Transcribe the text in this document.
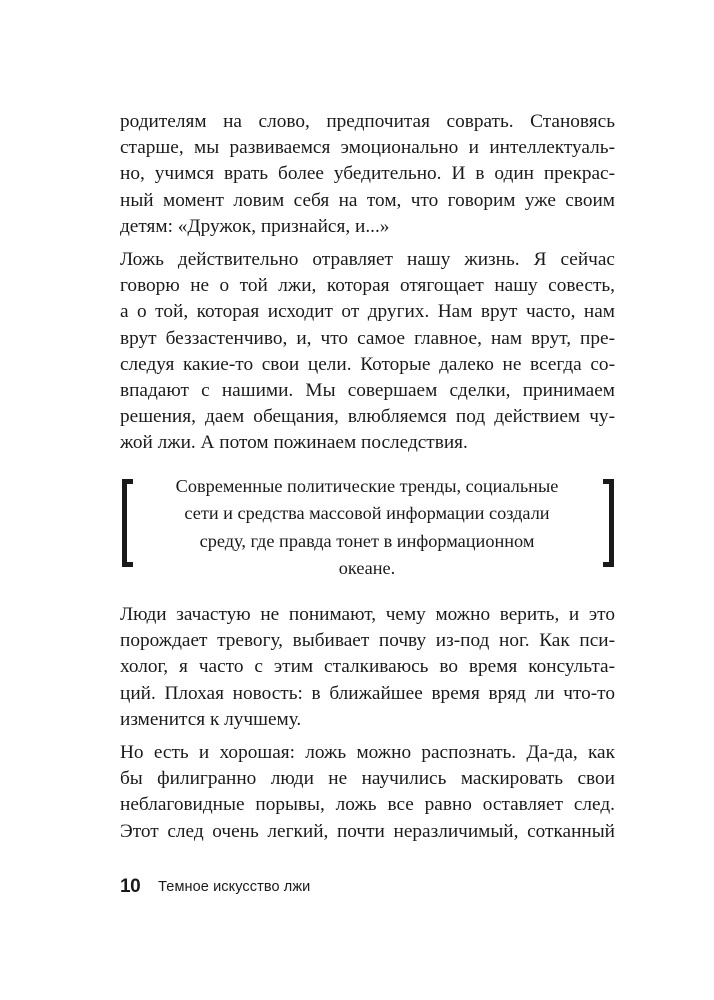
родителям на слово, предпочитая соврать. Становясь
старше, мы развиваемся эмоционально и интеллектуаль-
но, учимся врать более убедительно. И в один прекрас-
ный момент ловим себя на том, что говорим уже своим
детям: «Дружок, признайся, и...»
Ложь действительно отравляет нашу жизнь. Я сейчас
говорю не о той лжи, которая отягощает нашу совесть,
а о той, которая исходит от других. Нам врут часто, нам
врут беззастенчиво, и, что самое главное, нам врут, пре-
следуя какие-то свои цели. Которые далеко не всегда со-
впадают с нашими. Мы совершаем сделки, принимаем
решения, даем обещания, влюбляемся под действием чу-
жой лжи. А потом пожинаем последствия.
Современные политические тренды, социальные
сети и средства массовой информации создали
среду, где правда тонет в информационном
океане.
Люди зачастую не понимают, чему можно верить, и это
порождает тревогу, выбивает почву из-под ног. Как пси-
холог, я часто с этим сталкиваюсь во время консульта-
ций. Плохая новость: в ближайшее время вряд ли что-то
изменится к лучшему.
Но есть и хорошая: ложь можно распознать. Да-да, как
бы филигранно люди не научились маскировать свои
неблаговидные порывы, ложь все равно оставляет след.
Этот след очень легкий, почти неразличимый, сотканный
10 Темное искусство лжи
